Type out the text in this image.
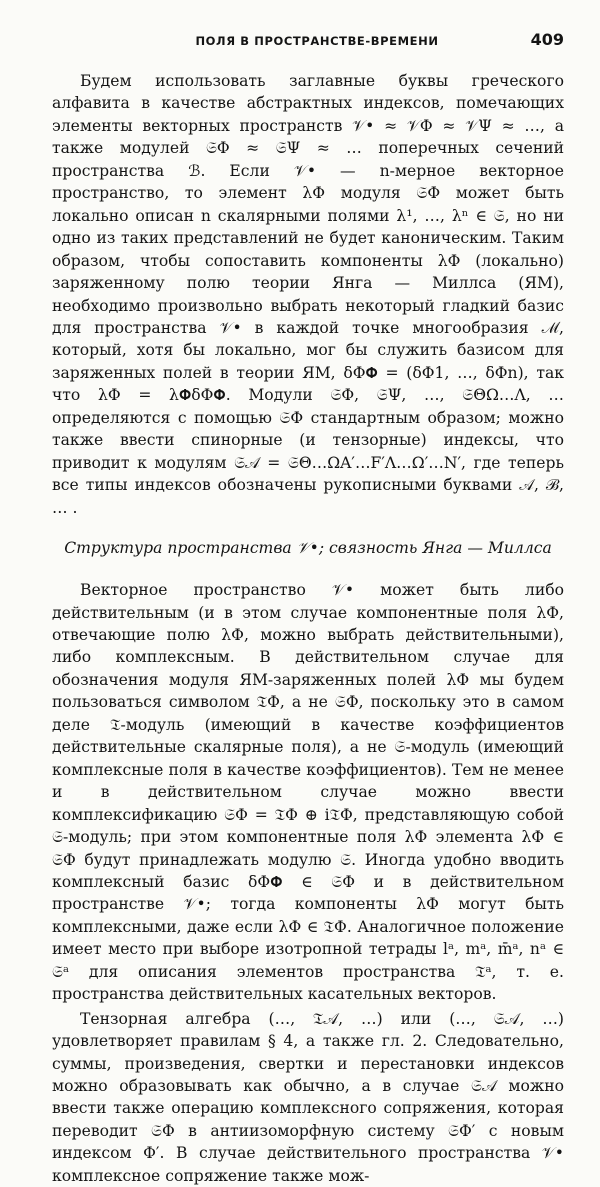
ПОЛЯ В ПРОСТРАНСТВЕ-ВРЕМЕНИ	409

Будем использовать заглавные буквы греческого алфавита в качестве абстрактных индексов, помечающих элементы векторных пространств 𝒱• ≈ 𝒱Φ ≈ 𝒱Ψ ≈ …, а также модулей 𝔖Φ ≈ 𝔖Ψ ≈ … поперечных сечений пространства ℬ. Если 𝒱• — n-мерное векторное пространство, то элемент λΦ модуля 𝔖Φ может быть локально описан n скалярными полями λ¹, …, λⁿ ∈ 𝔖, но ни одно из таких представлений не будет каноническим. Таким образом, чтобы сопоставить компоненты λΦ (локально) заряженному полю теории Янга — Миллса (ЯМ), необходимо произвольно выбрать некоторый гладкий базис для пространства 𝒱• в каждой точке многообразия ℳ, который, хотя бы локально, мог бы служить базисом для заряженных полей в теории ЯМ, δΦ𝚽 = (δΦ1, …, δΦn), так что λΦ = λ𝚽δΦ𝚽. Модули 𝔖Φ, 𝔖Ψ, …, 𝔖ΘΩ…Λ, … определяются с помощью 𝔖Φ стандартным образом; можно также ввести спинорные (и тензорные) индексы, что приводит к модулям 𝔖𝒜 = 𝔖Θ…ΩA′…F′Λ…Ω′…N′, где теперь все типы индексов обозначены рукописными буквами 𝒜, ℬ, … .

Структура пространства 𝒱•; связность Янга — Миллса

Векторное пространство 𝒱• может быть либо действительным (и в этом случае компонентные поля λΦ, отвечающие полю λΦ, можно выбрать действительными), либо комплексным. В действительном случае для обозначения модуля ЯМ-заряженных полей λΦ мы будем пользоваться символом 𝔗Φ, а не 𝔖Φ, поскольку это в самом деле 𝔗-модуль (имеющий в качестве коэффициентов действительные скалярные поля), а не 𝔖-модуль (имеющий комплексные поля в качестве коэффициентов). Тем не менее и в действительном случае можно ввести комплексификацию 𝔖Φ = 𝔗Φ ⊕ i𝔗Φ, представляющую собой 𝔖-модуль; при этом компонентные поля λΦ элемента λΦ ∈ 𝔖Φ будут принадлежать модулю 𝔖. Иногда удобно вводить комплексный базис δΦ𝚽 ∈ 𝔖Φ и в действительном пространстве 𝒱•; тогда компоненты λΦ могут быть комплексными, даже если λΦ ∈ 𝔗Φ. Аналогичное положение имеет место при выборе изотропной тетрады lᵃ, mᵃ, m̄ᵃ, nᵃ ∈ 𝔖ᵃ для описания элементов пространства 𝔗ᵃ, т. е. пространства действительных касательных векторов.

Тензорная алгебра (…, 𝔗𝒜, …) или (…, 𝔖𝒜, …) удовлетворяет правилам § 4, а также гл. 2. Следовательно, суммы, произведения, свертки и перестановки индексов можно образовывать как обычно, а в случае 𝔖𝒜 можно ввести также операцию комплексного сопряжения, которая переводит 𝔖Φ в антиизоморфную систему 𝔖Φ′ с новым индексом Φ′. В случае действительного пространства 𝒱• комплексное сопряжение также мож-
